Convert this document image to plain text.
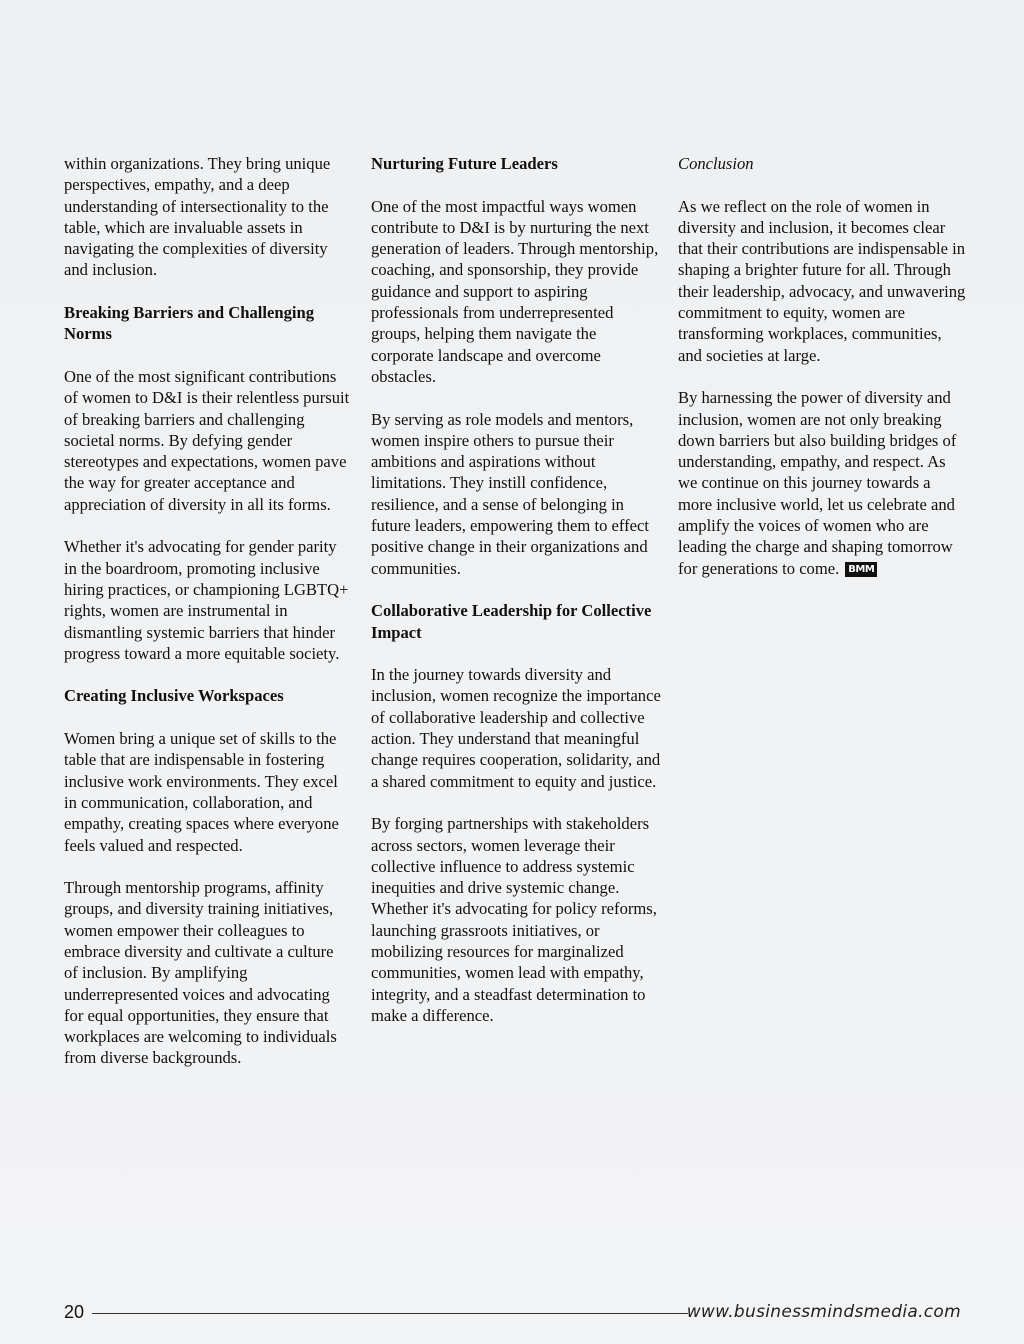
within organizations. They bring unique perspectives, empathy, and a deep understanding of intersectionality to the table, which are invaluable assets in navigating the complexities of diversity and inclusion.

Breaking Barriers and Challenging Norms

One of the most significant contributions of women to D&I is their relentless pursuit of breaking barriers and challenging societal norms. By defying gender stereotypes and expectations, women pave the way for greater acceptance and appreciation of diversity in all its forms.

Whether it's advocating for gender parity in the boardroom, promoting inclusive hiring practices, or championing LGBTQ+ rights, women are instrumental in dismantling systemic barriers that hinder progress toward a more equitable society.

Creating Inclusive Workspaces

Women bring a unique set of skills to the table that are indispensable in fostering inclusive work environments. They excel in communication, collaboration, and empathy, creating spaces where everyone feels valued and respected.

Through mentorship programs, affinity groups, and diversity training initiatives, women empower their colleagues to embrace diversity and cultivate a culture of inclusion. By amplifying underrepresented voices and advocating for equal opportunities, they ensure that workplaces are welcoming to individuals from diverse backgrounds.

Nurturing Future Leaders

One of the most impactful ways women contribute to D&I is by nurturing the next generation of leaders. Through mentorship, coaching, and sponsorship, they provide guidance and support to aspiring professionals from underrepresented groups, helping them navigate the corporate landscape and overcome obstacles.

By serving as role models and mentors, women inspire others to pursue their ambitions and aspirations without limitations. They instill confidence, resilience, and a sense of belonging in future leaders, empowering them to effect positive change in their organizations and communities.

Collaborative Leadership for Collective Impact

In the journey towards diversity and inclusion, women recognize the importance of collaborative leadership and collective action. They understand that meaningful change requires cooperation, solidarity, and a shared commitment to equity and justice.

By forging partnerships with stakeholders across sectors, women leverage their collective influence to address systemic inequities and drive systemic change. Whether it's advocating for policy reforms, launching grassroots initiatives, or mobilizing resources for marginalized communities, women lead with empathy, integrity, and a steadfast determination to make a difference.

Conclusion

As we reflect on the role of women in diversity and inclusion, it becomes clear that their contributions are indispensable in shaping a brighter future for all. Through their leadership, advocacy, and unwavering commitment to equity, women are transforming workplaces, communities, and societies at large.

By harnessing the power of diversity and inclusion, women are not only breaking down barriers but also building bridges of understanding, empathy, and respect. As we continue on this journey towards a more inclusive world, let us celebrate and amplify the voices of women who are leading the charge and shaping tomorrow for generations to come. BMM

20	www.businessmindsmedia.com
